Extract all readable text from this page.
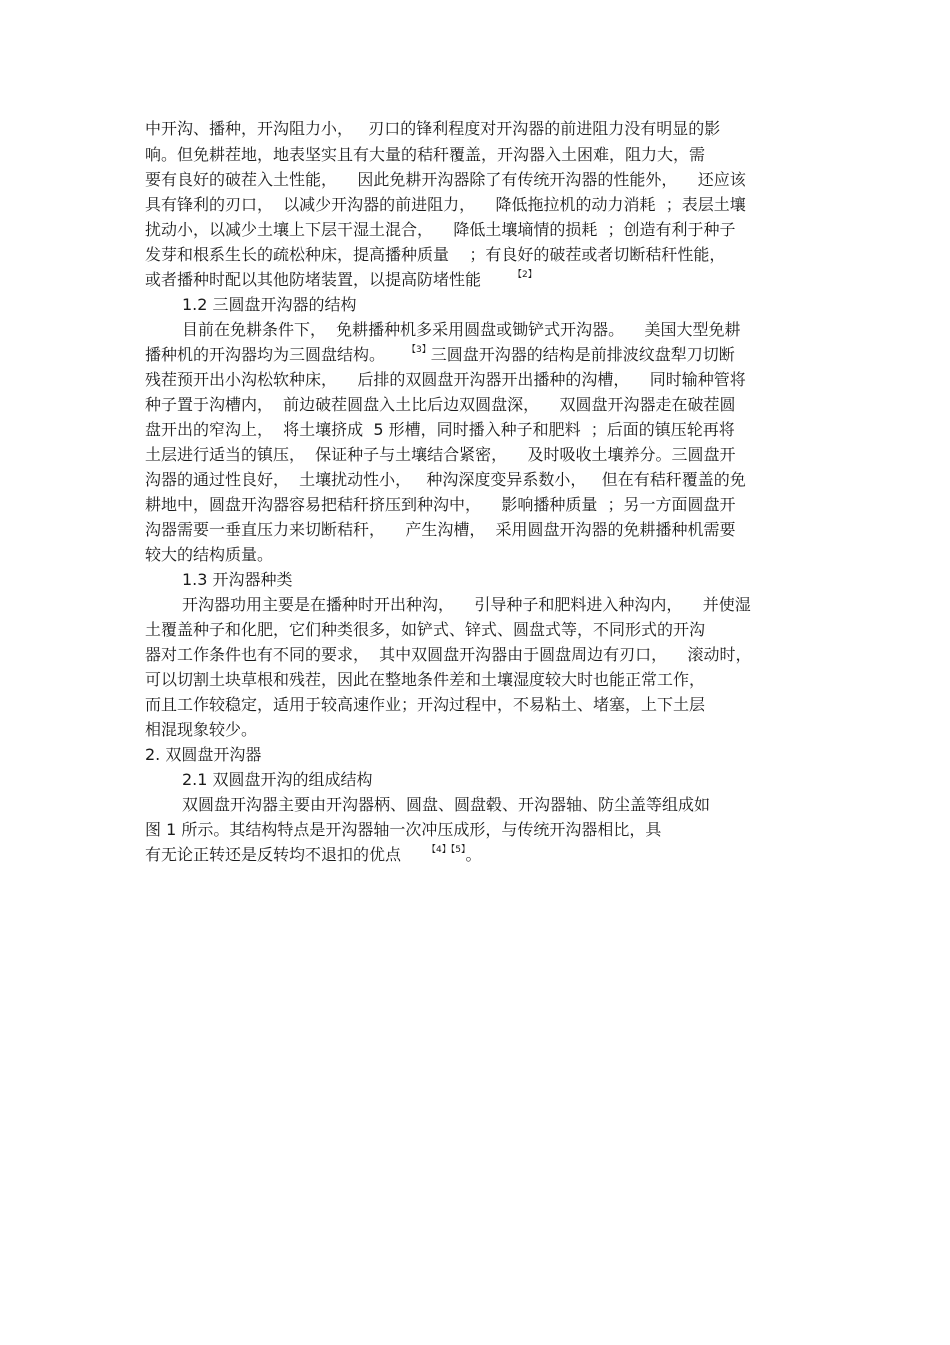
中开沟、播种，开沟阻力小，   刃口的锋利程度对开沟器的前进阻力没有明显的影
响。但免耕茬地，地表坚实且有大量的秸秆覆盖，开沟器入土困难，阻力大，需
要有良好的破茬入土性能，    因此免耕开沟器除了有传统开沟器的性能外，    还应该
具有锋利的刃口，  以减少开沟器的前进阻力，    降低拖拉机的动力消耗  ；表层土壤
扰动小，以减少土壤上下层干湿土混合，    降低土壤墒情的损耗  ；创造有利于种子
发芽和根系生长的疏松种床，提高播种质量    ；有良好的破茬或者切断秸秆性能，
或者播种时配以其他防堵装置，以提高防堵性能	$^{【2】}$
1.2 三圆盘开沟器的结构
目前在免耕条件下，  免耕播种机多采用圆盘或锄铲式开沟器。    美国大型免耕
播种机的开沟器均为三圆盘结构。 $^{【3】}$三圆盘开沟器的结构是前排波纹盘犁刀切断
残茬预开出小沟松软种床，    后排的双圆盘开沟器开出播种的沟槽，    同时输种管将
种子置于沟槽内，  前边破茬圆盘入土比后边双圆盘深，    双圆盘开沟器走在破茬圆
盘开出的窄沟上，  将土壤挤成  5 形槽，同时播入种子和肥料  ；后面的镇压轮再将
土层进行适当的镇压，  保证种子与土壤结合紧密，    及时吸收土壤养分。三圆盘开
沟器的通过性良好，  土壤扰动性小，   种沟深度变异系数小，   但在有秸秆覆盖的免
耕地中，圆盘开沟器容易把秸秆挤压到种沟中，    影响播种质量  ；另一方面圆盘开
沟器需要一垂直压力来切断秸秆，    产生沟槽，  采用圆盘开沟器的免耕播种机需要
较大的结构质量。
1.3 开沟器种类
开沟器功用主要是在播种时开出种沟，    引导种子和肥料进入种沟内，    并使湿
土覆盖种子和化肥，它们种类很多，如铲式、锌式、圆盘式等，不同形式的开沟
器对工作条件也有不同的要求，  其中双圆盘开沟器由于圆盘周边有刃口，    滚动时，
可以切割土块草根和残茬，因此在整地条件差和土壤湿度较大时也能正常工作，
而且工作较稳定，适用于较高速作业；开沟过程中，不易粘土、堵塞，上下土层
相混现象较少。
2. 双圆盘开沟器
2.1 双圆盘开沟的组成结构
双圆盘开沟器主要由开沟器柄、圆盘、圆盘毂、开沟器轴、防尘盖等组成如
图 1 所示。其结构特点是开沟器轴一次冲压成形，与传统开沟器相比，具
有无论正转还是反转均不退扣的优点	$^{【4】【5】}$。
